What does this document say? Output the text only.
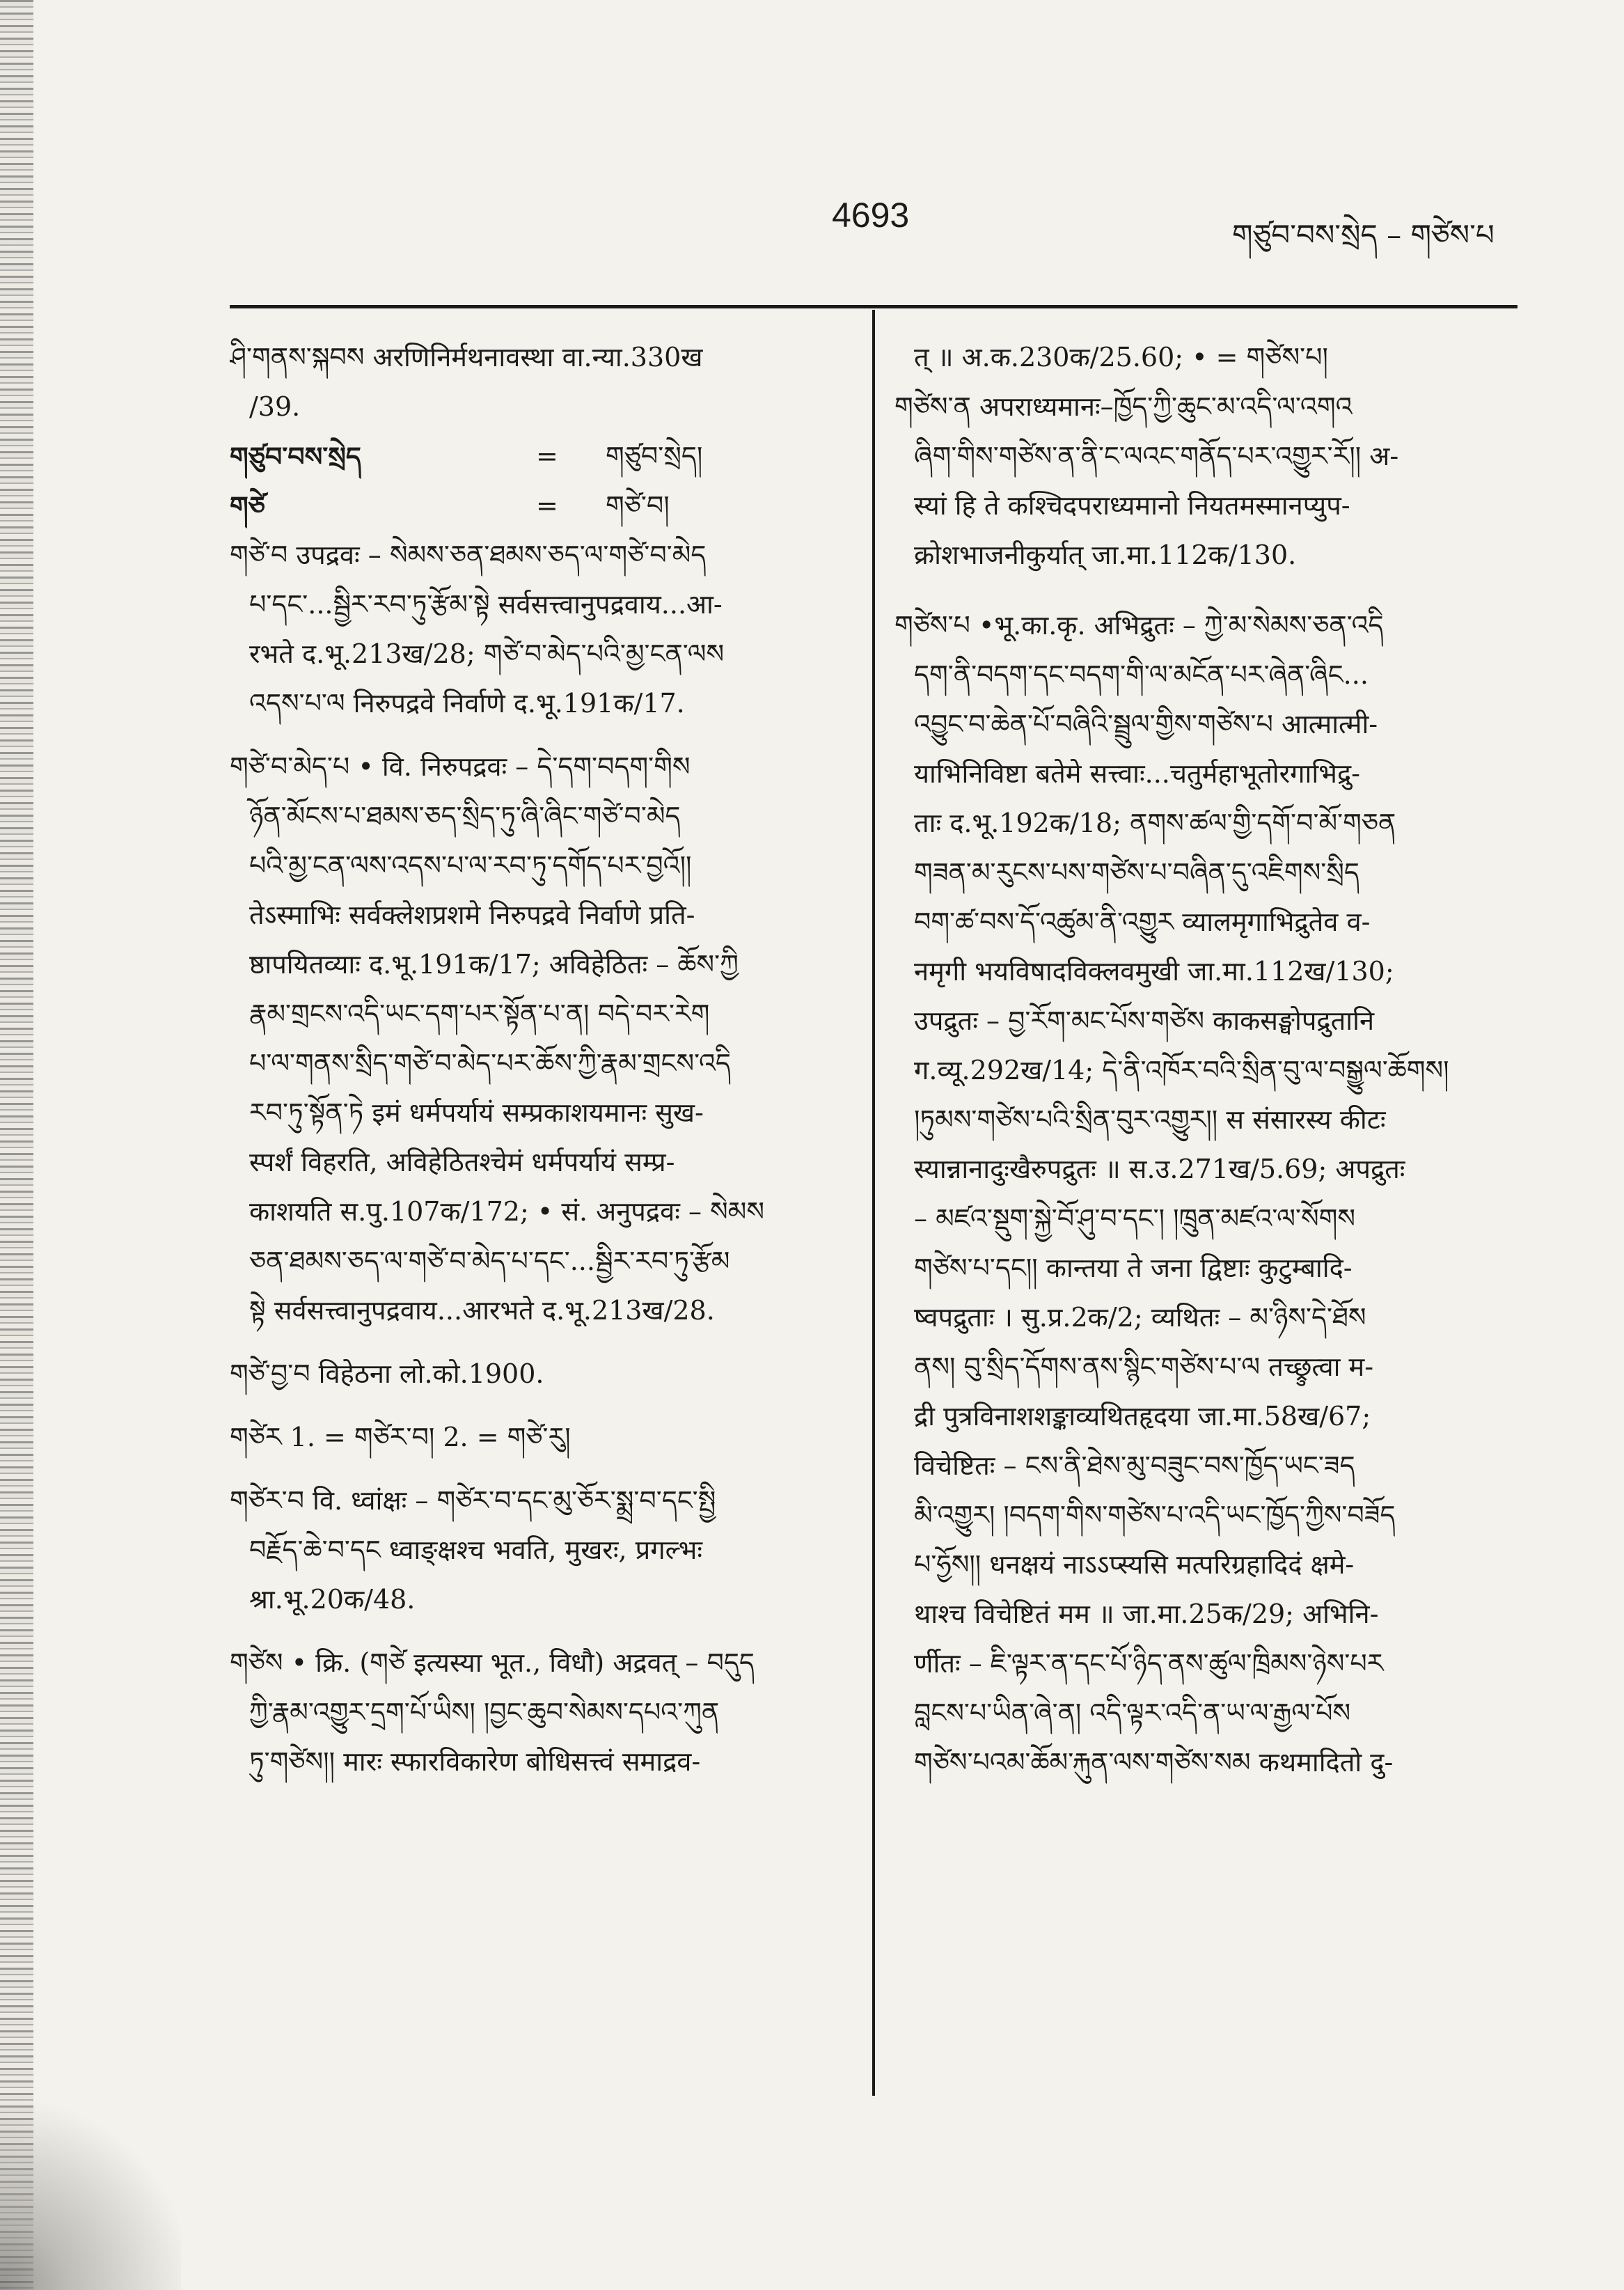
4693
གཙུབ་བས་སྲེད – གཙེས་པ
ཤི་གནས་སྐབས अरणिनिर्मथनावस्था वा.न्या.330ख
/39.
གཙུབ་བས་སྲེད	=	གཙུབ་སྲེད།
གཙེ	=	གཙེ་བ།
གཙེ་བ उपद्रवः – སེམས་ཅན་ཐམས་ཅད་ལ་གཙེ་བ་མེད
པ་དང་...སྦྱིར་རབ་ཏུ་རྩོམ་སྟེ सर्वसत्त्वानुपद्रवाय...आ-
रभते द.भू.213ख/28; གཙེ་བ་མེད་པའི་མྱ་ངན་ལས
འདས་པ་ལ निरुपद्रवे निर्वाणे द.भू.191क/17.
གཙེ་བ་མེད་པ • वि. निरुपद्रवः – དེ་དག་བདག་གིས
ཉོན་མོངས་པ་ཐམས་ཅད་སྲིད་ཏུ་ཞི་ཞིང་གཙེ་བ་མེད
པའི་མྱ་ངན་ལས་འདས་པ་ལ་རབ་ཏུ་དགོད་པར་བྱའོ།།
तेऽस्माभिः सर्वक्लेशप्रशमे निरुपद्रवे निर्वाणे प्रति-
ष्ठापयितव्याः द.भू.191क/17; अविहेठितः – ཆོས་ཀྱི
རྣམ་གྲངས་འདི་ཡང་དག་པར་སྟོན་པ་ན། བདེ་བར་རེག
པ་ལ་གནས་སྲིད་གཙེ་བ་མེད་པར་ཆོས་ཀྱི་རྣམ་གྲངས་འདི
རབ་ཏུ་སྟོན་ཏེ इमं धर्मपर्यायं सम्प्रकाशयमानः सुख-
स्पर्शं विहरति, अविहेठितश्चेमं धर्मपर्यायं सम्प्र-
काशयति स.पु.107क/172; • सं. अनुपद्रवः – སེམས
ཅན་ཐམས་ཅད་ལ་གཙེ་བ་མེད་པ་དང་...སྦྱིར་རབ་ཏུ་རྩོམ
སྟེ सर्वसत्त्वानुपद्रवाय...आरभते द.भू.213ख/28.
གཙེ་བྱ་བ विहेठना लो.को.1900.
གཙེར 1. = གཙེར་བ། 2. = གཙེ་རུ།
གཙེར་བ वि. ध्वांक्षः – གཙེར་བ་དང་མུ་ཅོར་སྨྲ་བ་དང་སྤྱི
བརྗོད་ཆེ་བ་དང ध्वाङ्क्षश्च भवति, मुखरः, प्रगल्भः
श्रा.भू.20क/48.
གཙེས • क्रि. (གཙེ इत्यस्या भूत., विधौ) अद्रवत् – བདུད
ཀྱི་རྣམ་འགྱུར་དྲག་པོ་ཡིས། །བྱང་ཆུབ་སེམས་དཔའ་ཀུན
ཏུ་གཙེས།། मारः स्फारविकारेण बोधिसत्त्वं समाद्रव-
त् ॥ अ.क.230क/25.60; • = གཙེས་པ།
གཙེས་ན अपराध्यमानः–ཁྱོད་ཀྱི་ཆུང་མ་འདི་ལ་འགའ
ཞིག་གིས་གཙེས་ན་ནི་ང་ལའང་གནོད་པར་འགྱུར་རོ།། अ-
स्यां हि ते कश्चिदपराध्यमानो नियतमस्मानप्युप-
क्रोशभाजनीकुर्यात् जा.मा.112क/130.
གཙེས་པ •भू.का.कृ. अभिद्रुतः – ཀྱེ་མ་སེམས་ཅན་འདི
དག་ནི་བདག་དང་བདག་གི་ལ་མངོན་པར་ཞེན་ཞིང...
འབྱུང་བ་ཆེན་པོ་བཞིའི་སྦྲུལ་གྱིས་གཙེས་པ आत्मात्मी-
याभिनिविष्टा बतेमे सत्त्वाः...चतुर्महाभूतोरगाभिद्रु-
ताः द.भू.192क/18; ནགས་ཚལ་གྱི་དགོ་བ་མོ་གཅན
གཟན་མ་རུངས་པས་གཙེས་པ་བཞིན་དུ་འཇིགས་སྲིད
བག་ཚ་བས་དོ་འཚུམ་ནི་འགྱུར व्यालमृगाभिद्रुतेव व-
नमृगी भयविषादविक्लवमुखी जा.मा.112ख/130;
उपद्रुतः – བྱ་རོག་མང་པོས་གཙེས काकसङ्घोपद्रुतानि
ग.व्यू.292ख/14; དེ་ནི་འཁོར་བའི་སྲིན་བུ་ལ་བསྒྱུལ་ཆོགས།
།ཏུམས་གཙེས་པའི་སྲིན་བུར་འགྱུར།། स संसारस्य कीटः
स्यान्नानादुःखैरुपद्रुतः ॥ स.उ.271ख/5.69; अपद्रुतः
– མཛའ་སྡུག་སྐྱེ་བོ་ཤུ་བ་དང་། །ཁྲུན་མཛའ་ལ་སོགས
གཙེས་པ་དང།། कान्तया ते जना द्विष्टाः कुटुम्बादि-
ष्वपद्रुताः । सु.प्र.2क/2; व्यथितः – མ་ཉིས་དེ་ཐོས
ནས། བུ་སྲིད་དོགས་ནས་སྙིང་གཙེས་པ་ལ तच्छ्रुत्वा म-
द्री पुत्रविनाशशङ्काव्यथितहृदया जा.मा.58ख/67;
विचेष्टितः – ངས་ནི་ཐེས་མུ་བཟུང་བས་ཁྱོད་ཡང་ཟད
མི་འགྱུར། །བདག་གིས་གཙེས་པ་འདི་ཡང་ཁྱོད་ཀྱིས་བཟོད
པ་ཧྱོས།། धनक्षयं नाऽऽप्स्यसि मत्परिग्रहादिदं क्षमे-
थाश्च विचेष्टितं मम ॥ जा.मा.25क/29; अभिनि-
र्णीतः – ཇི་ལྟར་ན་དང་པོ་ཉིད་ནས་ཚུལ་ཁྲིམས་ཉེས་པར
བླངས་པ་ཡིན་ཞེ་ན། འདི་ལྟར་འདི་ན་ཡ་ལ་རྒྱལ་པོས
གཙེས་པའམ་ཆོམ་རྐུན་ལས་གཙེས་སམ कथमादितो दु-
